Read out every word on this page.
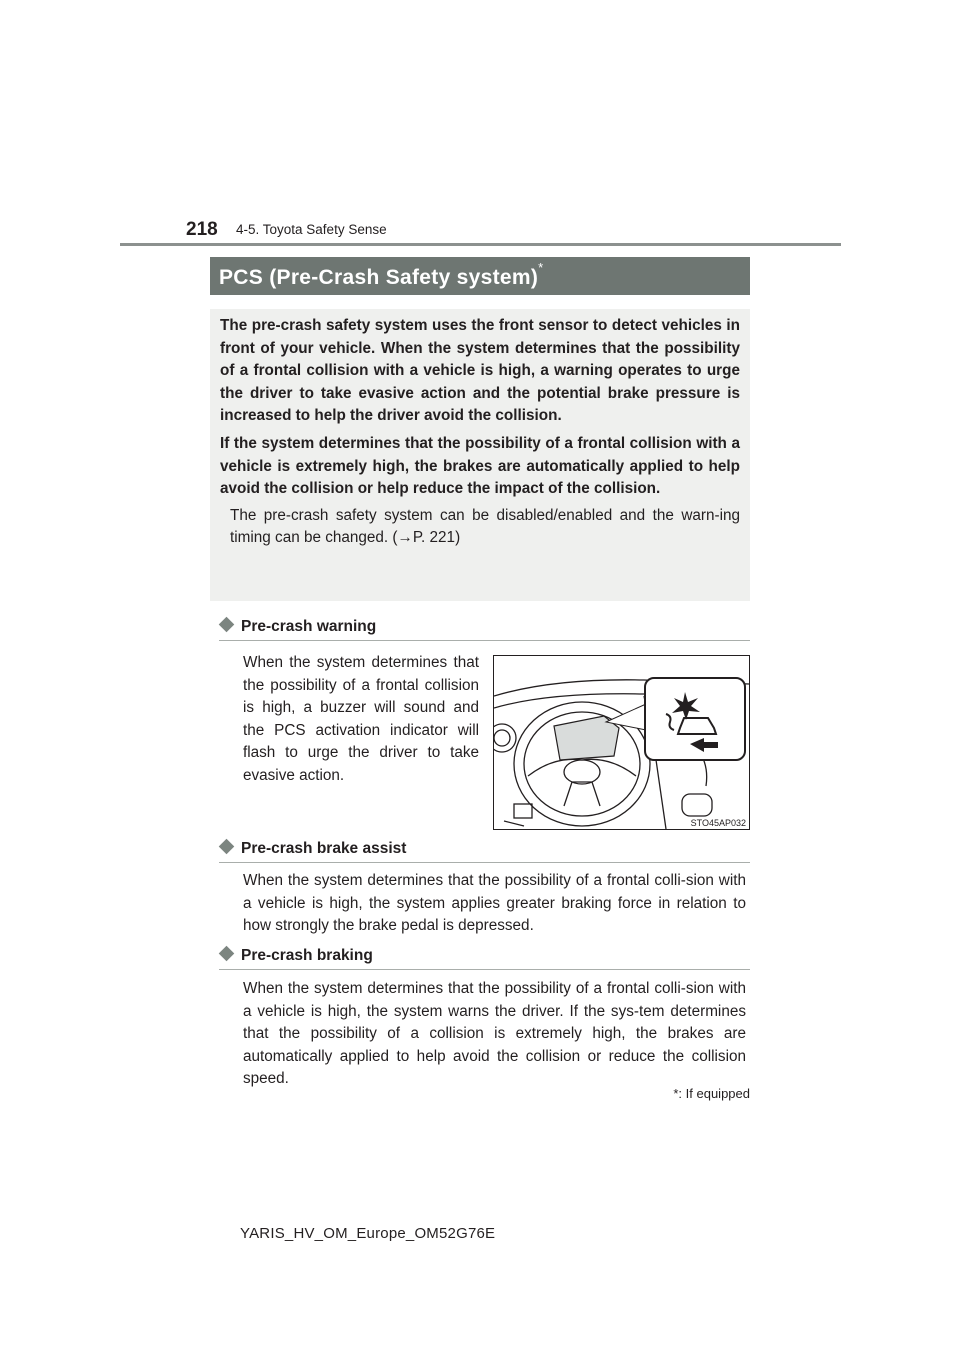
218 4-5. Toyota Safety Sense
PCS (Pre-Crash Safety system)*

The pre-crash safety system uses the front sensor to detect vehicles in front of your vehicle. When the system determines that the possibility of a frontal collision with a vehicle is high, a warning operates to urge the driver to take evasive action and the potential brake pressure is increased to help the driver avoid the collision.

If the system determines that the possibility of a frontal collision with a vehicle is extremely high, the brakes are automatically applied to help avoid the collision or help reduce the impact of the collision.

The pre-crash safety system can be disabled/enabled and the warn-ing timing can be changed. (→P. 221)

Pre-crash warning

When the system determines that the possibility of a frontal collision is high, a buzzer will sound and the PCS activation indicator will flash to urge the driver to take evasive action.

STO45AP032
Pre-crash brake assist

When the system determines that the possibility of a frontal colli-sion with a vehicle is high, the system applies greater braking force in relation to how strongly the brake pedal is depressed.

Pre-crash braking

When the system determines that the possibility of a frontal colli-sion with a vehicle is high, the system warns the driver. If the sys-tem determines that the possibility of a collision is extremely high, the brakes are automatically applied to help avoid the collision or reduce the collision speed.

*: If equipped
YARIS_HV_OM_Europe_OM52G76E
